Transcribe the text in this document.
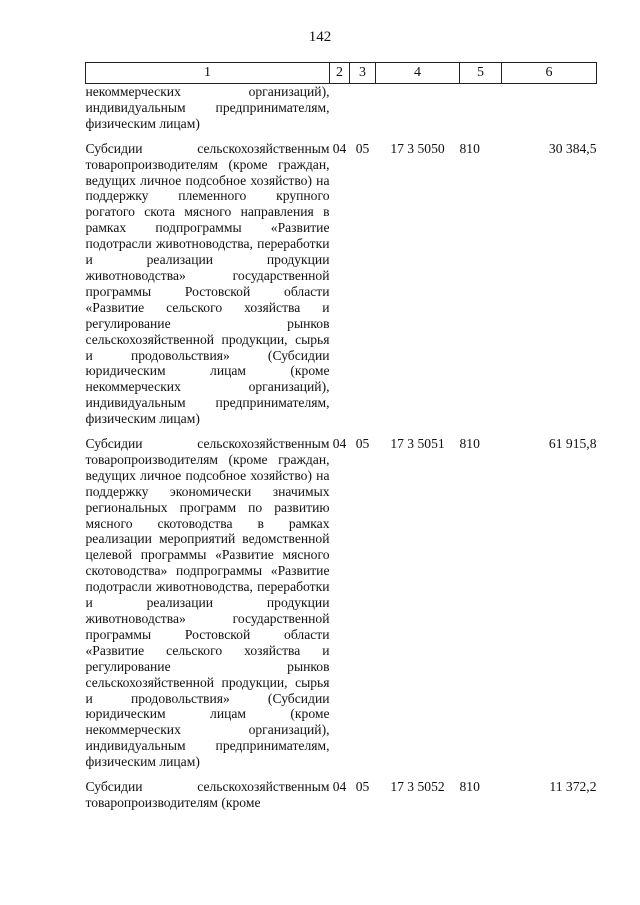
142
1	2	3	4	5	6
некоммерческих организаций), индивидуальным предпринимателям, физическим лицам)					
Субсидии сельскохозяйственным товаропроизводителям (кроме граждан, ведущих личное подсобное хозяйство) на поддержку племенного крупного рогатого скота мясного направления в рамках подпрограммы «Развитие подотрасли животноводства, переработки и реализации продукции животноводства» государственной программы Ростовской области «Развитие сельского хозяйства и регулирование рынков сельскохозяйственной продукции, сырья и продовольствия» (Субсидии юридическим лицам (кроме некоммерческих организаций), индивидуальным предпринимателям, физическим лицам)	04	05	17 3 5050	810	30 384,5
Субсидии сельскохозяйственным товаропроизводителям (кроме граждан, ведущих личное подсобное хозяйство) на поддержку экономически значимых региональных программ по развитию мясного скотоводства в рамках реализации мероприятий ведомственной целевой программы «Развитие мясного скотоводства» подпрограммы «Развитие подотрасли животноводства, переработки и реализации продукции животноводства» государственной программы Ростовской области «Развитие сельского хозяйства и регулирование рынков сельскохозяйственной продукции, сырья и продовольствия» (Субсидии юридическим лицам (кроме некоммерческих организаций), индивидуальным предпринимателям, физическим лицам)	04	05	17 3 5051	810	61 915,8
Субсидии сельскохозяйственным товаропроизводителям (кроме	04	05	17 3 5052	810	11 372,2
